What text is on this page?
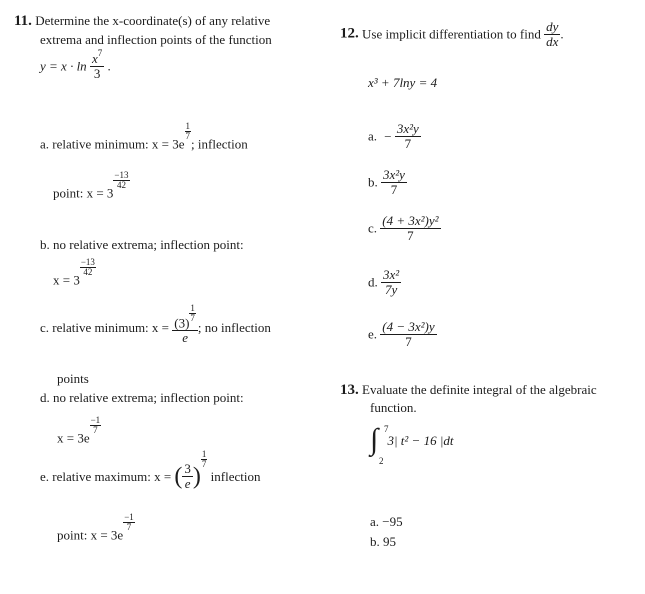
11. Determine the x-coordinate(s) of any relative
extrema and inflection points of the function
$y = x \cdot \ln \frac{x^7}{3}$ .
a. relative minimum: x = 3e
$\frac{1}{7}$
; inflection
point: x = 3
$\frac{-13}{42}$
b. no relative extrema; inflection point:
x = 3
$\frac{-13}{42}$
c. relative minimum: $x = \frac{(3) \frac{1}{7}}{e}$ ; no inflection
points
d. no relative extrema; inflection point:
x = 3e
$\frac{-1}{7}$
e. relative maximum: x = ( $\frac{3}{e}$ )
$\frac{1}{7}$
inflection
point: x = 3e
$\frac{-1}{7}$
12. Use implicit differentiation to find $\frac{dy}{dx}$ .
x³ + 7lny = 4
a. − $\frac{\text{3x²y}}{7}$
b. $\frac{\text{3x²y}}{7}$
c. $\frac{\text{(4 + 3x²)y²}}{7}$
d. $\frac{\text{3x²}}{7y}$
e. $\frac{\text{(4 − 3x²)y}}{7}$
13. Evaluate the definite integral of the algebraic
function.
∫ 7
2
3| t² − 16 |dt
a. −95
b. 95
